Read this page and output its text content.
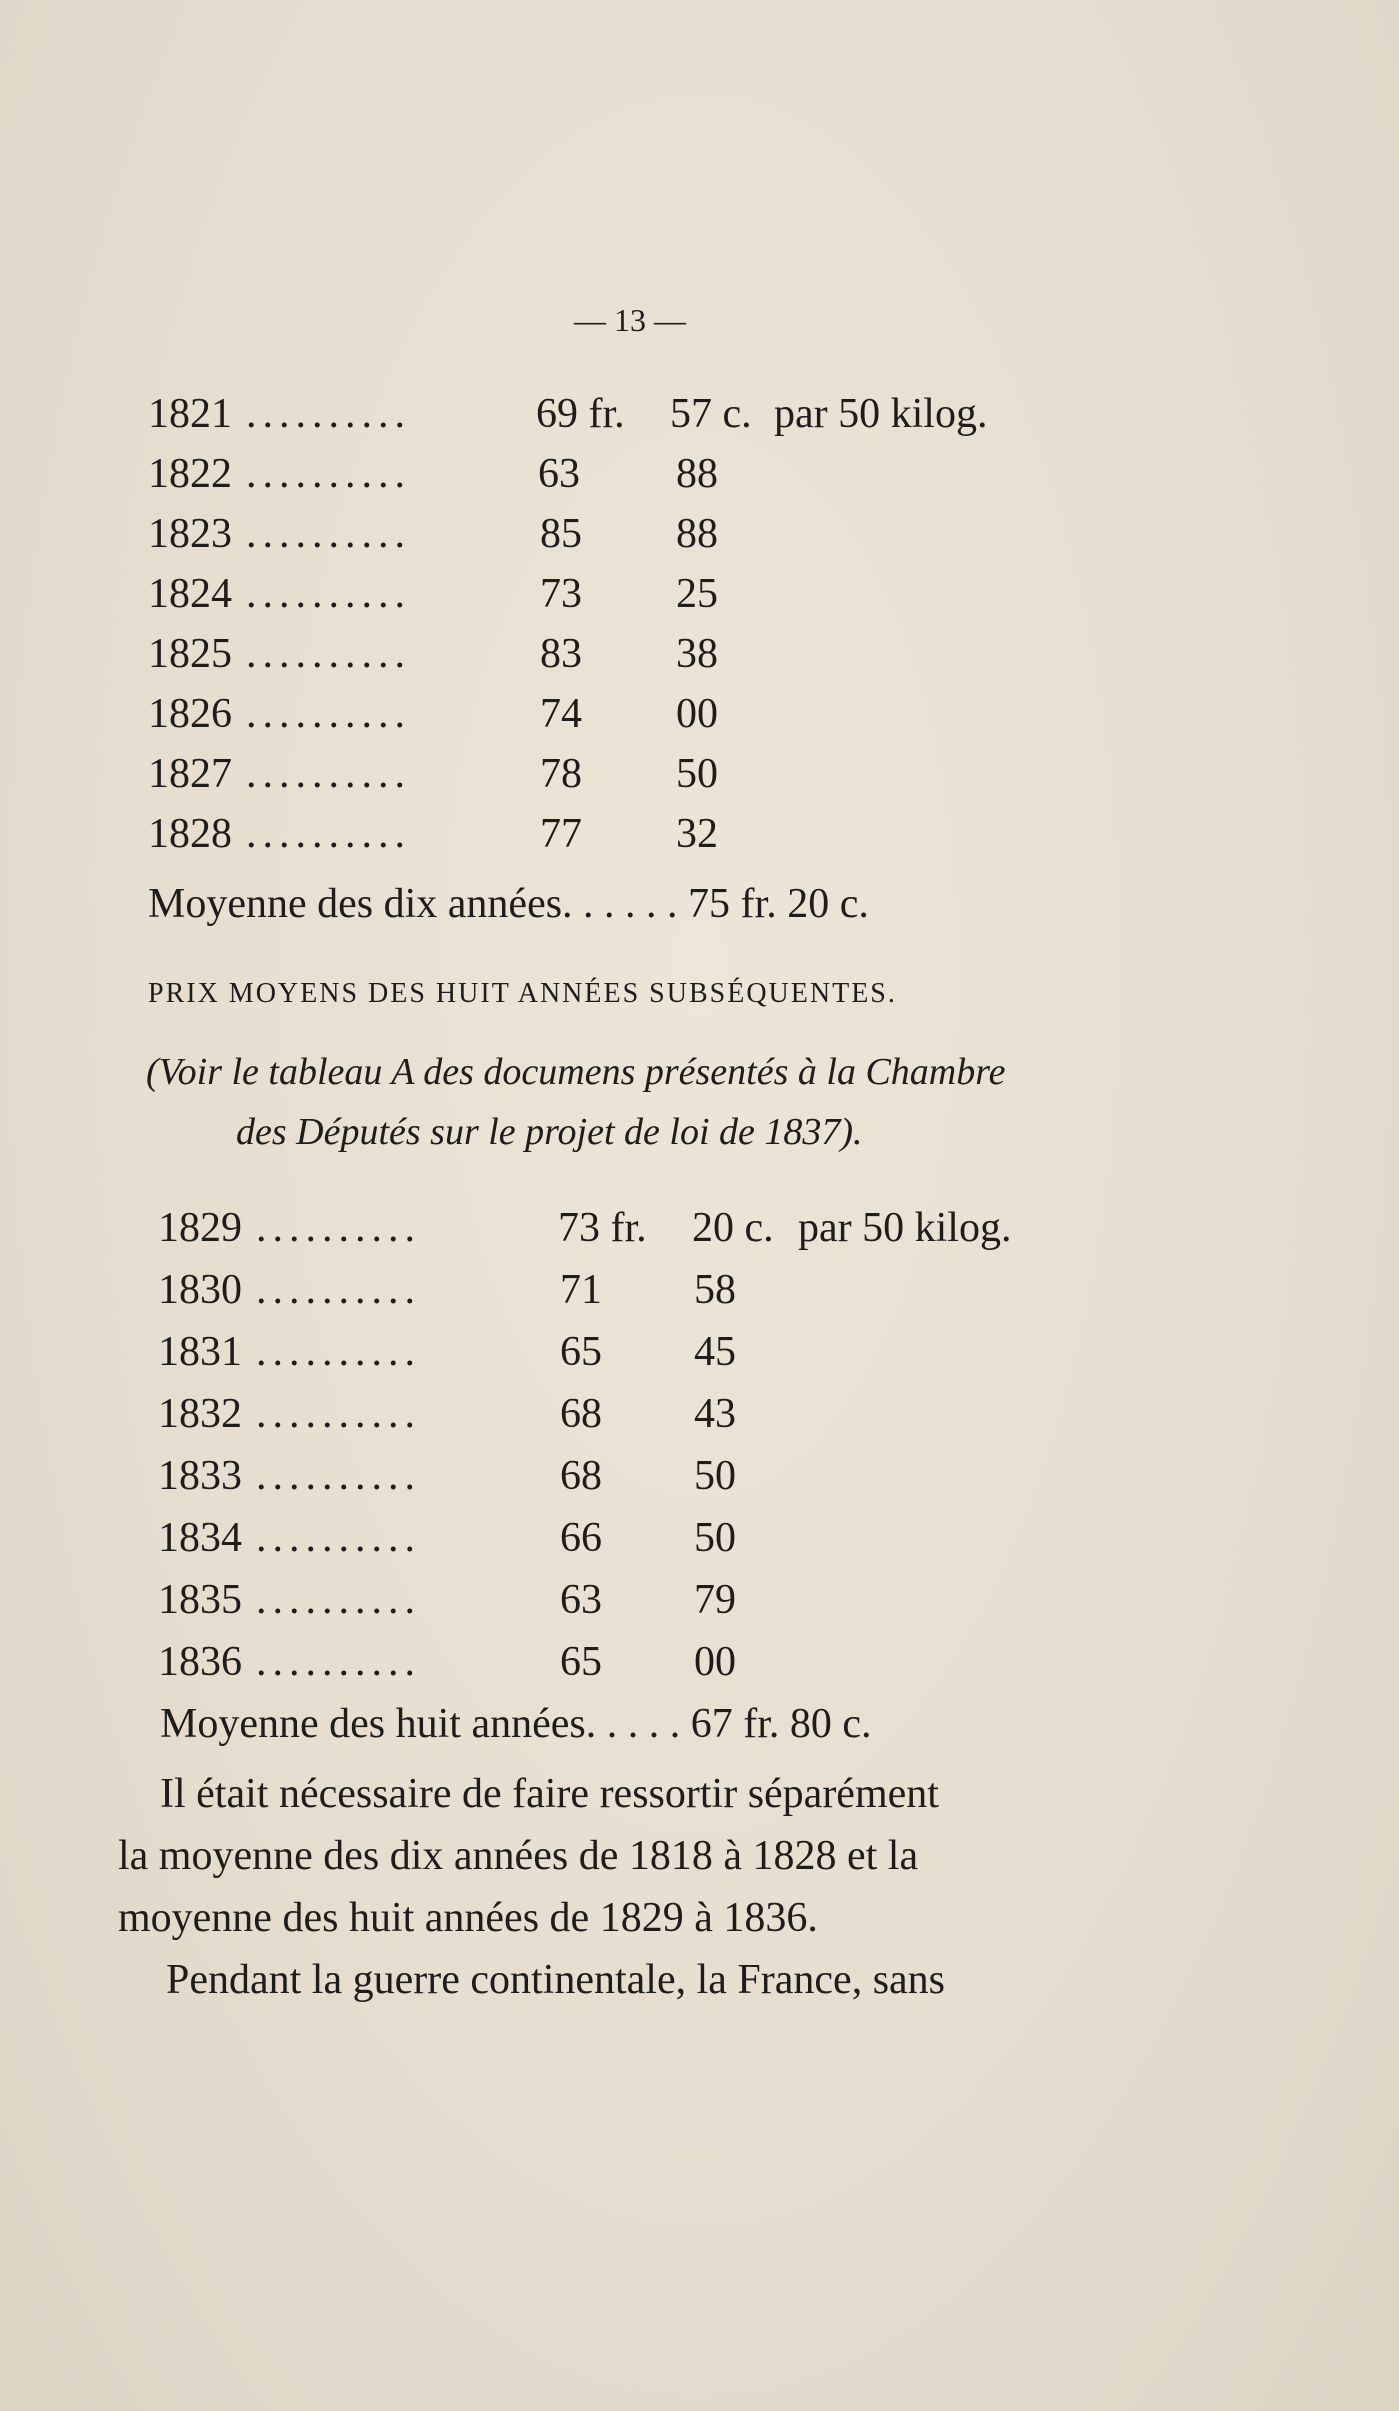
— 13 —
1821 ..........	69 fr. 57 c. par 50 kilog.
1822 ..........	63 88
1823 ..........	85 88
1824 ..........	73 25
1825 ..........	83 38
1826 ..........	74 00
1827 ..........	78 50
1828 ..........	77 32
Moyenne des dix années. . . . . . 75 fr. 20 c.
PRIX MOYENS DES HUIT ANNÉES SUBSÉQUENTES.
(Voir le tableau A des documens présentés à la Chambre
des Députés sur le projet de loi de 1837).
1829 ..........	73 fr. 20 c. par 50 kilog.
1830 ..........	71 58
1831 ..........	65 45
1832 ..........	68 43
1833 ..........	68 50
1834 ..........	66 50
1835 ..........	63 79
1836 ..........	65 00
Moyenne des huit années. . . . . 67 fr. 80 c.
Il était nécessaire de faire ressortir séparément
la moyenne des dix années de 1818 à 1828 et la
moyenne des huit années de 1829 à 1836.
Pendant la guerre continentale, la France, sans
